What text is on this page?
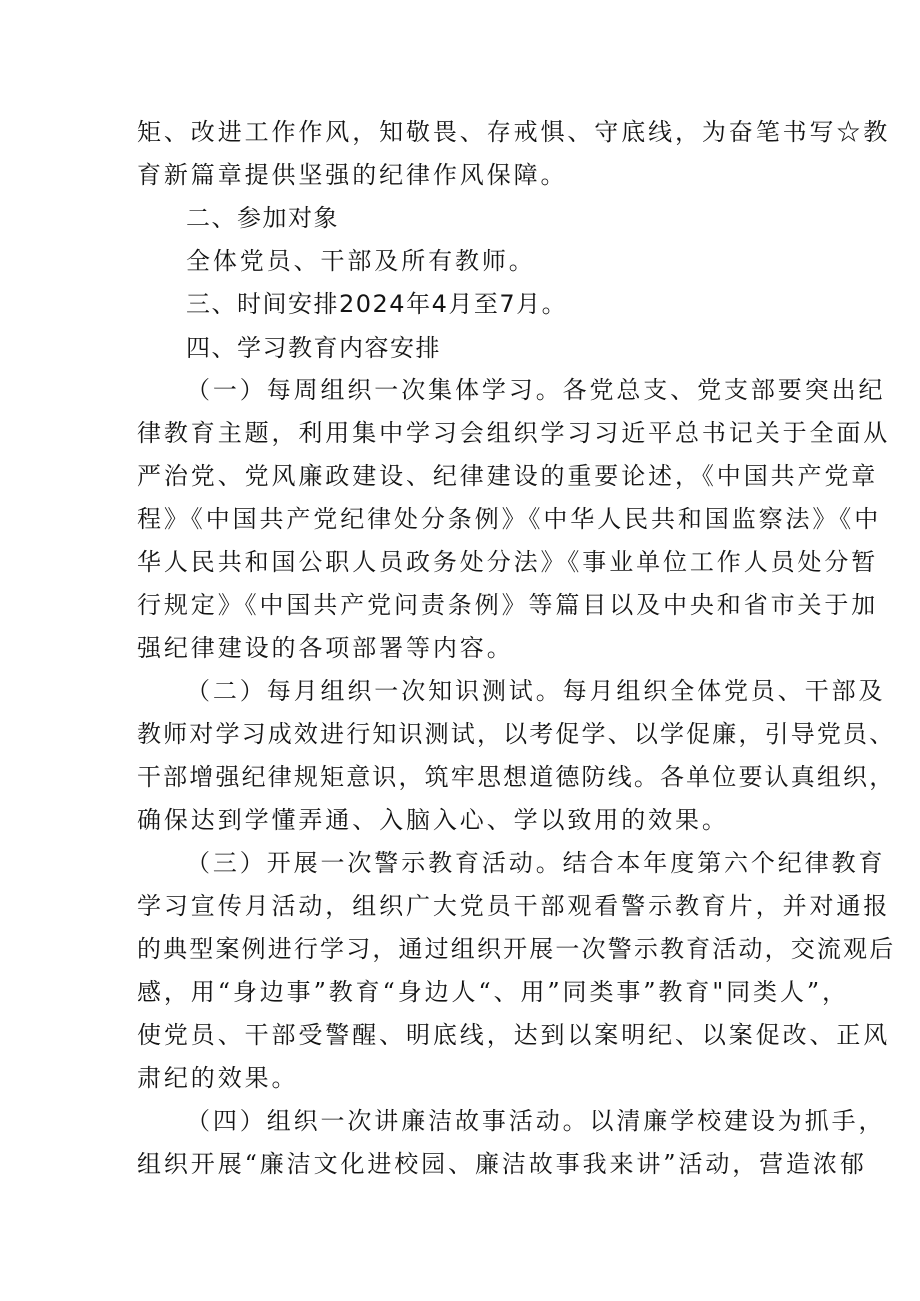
矩、改进工作作风，知敬畏、存戒惧、守底线，为奋笔书写☆教

育新篇章提供坚强的纪律作风保障。

二、参加对象

全体党员、干部及所有教师。

三、时间安排2024年4月至7月。

四、学习教育内容安排

（一）每周组织一次集体学习。各党总支、党支部要突出纪

律教育主题，利用集中学习会组织学习习近平总书记关于全面从

严治党、党风廉政建设、纪律建设的重要论述，《中国共产党章

程》《中国共产党纪律处分条例》《中华人民共和国监察法》《中

华人民共和国公职人员政务处分法》《事业单位工作人员处分暂

行规定》《中国共产党问责条例》等篇目以及中央和省市关于加

强纪律建设的各项部署等内容。

（二）每月组织一次知识测试。每月组织全体党员、干部及

教师对学习成效进行知识测试，以考促学、以学促廉，引导党员、

干部增强纪律规矩意识，筑牢思想道德防线。各单位要认真组织，

确保达到学懂弄通、入脑入心、学以致用的效果。

（三）开展一次警示教育活动。结合本年度第六个纪律教育

学习宣传月活动，组织广大党员干部观看警示教育片，并对通报

的典型案例进行学习，通过组织开展一次警示教育活动，交流观后

感，用“身边事”教育“身边人“、用”同类事”教育"同类人”，

使党员、干部受警醒、明底线，达到以案明纪、以案促改、正风

肃纪的效果。

（四）组织一次讲廉洁故事活动。以清廉学校建设为抓手，

组织开展“廉洁文化进校园、廉洁故事我来讲”活动，营造浓郁
